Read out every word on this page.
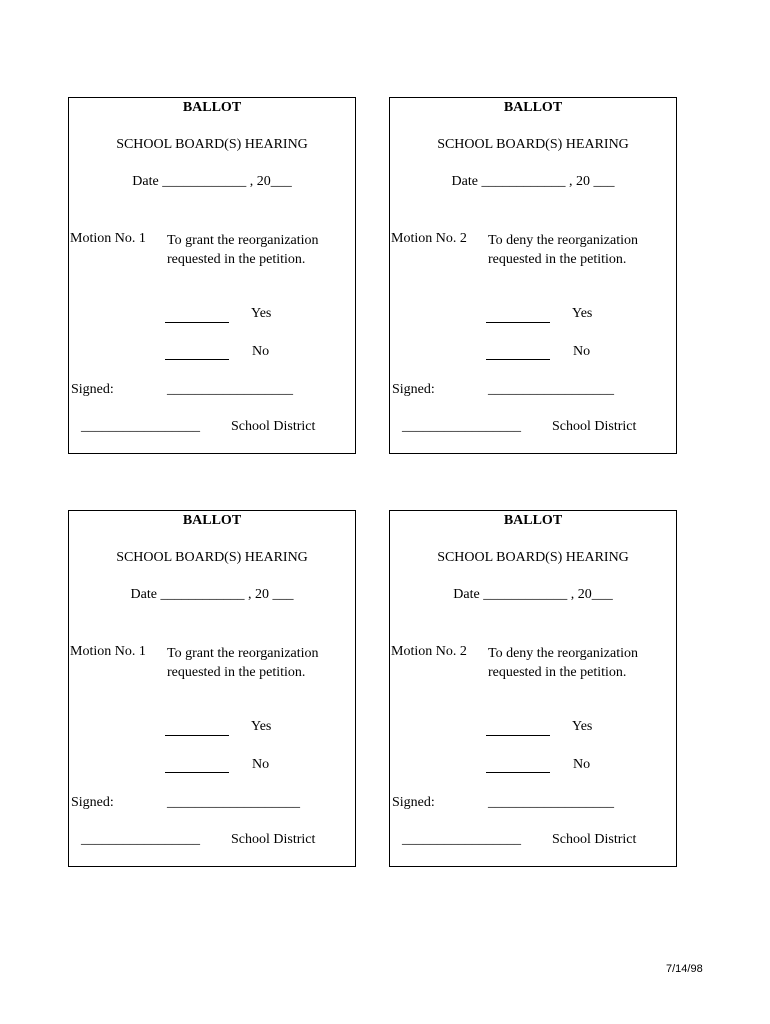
BALLOT
SCHOOL BOARD(S) HEARING
Date ____________ , 20___
Motion No. 1 To grant the reorganization requested in the petition.
Yes
No
Signed:	__________________
_________________ School District
BALLOT
SCHOOL BOARD(S) HEARING
Date ____________ , 20 ___
Motion No. 2 To deny the reorganization requested in the petition.
Yes
No
Signed:	__________________
_________________ School District
BALLOT
SCHOOL BOARD(S) HEARING
Date ____________ , 20 ___
Motion No. 1 To grant the reorganization requested in the petition.
Yes
No
Signed:	___________________
_________________ School District
BALLOT
SCHOOL BOARD(S) HEARING
Date ____________ , 20___
Motion No. 2 To deny the reorganization requested in the petition.
Yes
No
Signed:	__________________
_________________ School District
7/14/98
